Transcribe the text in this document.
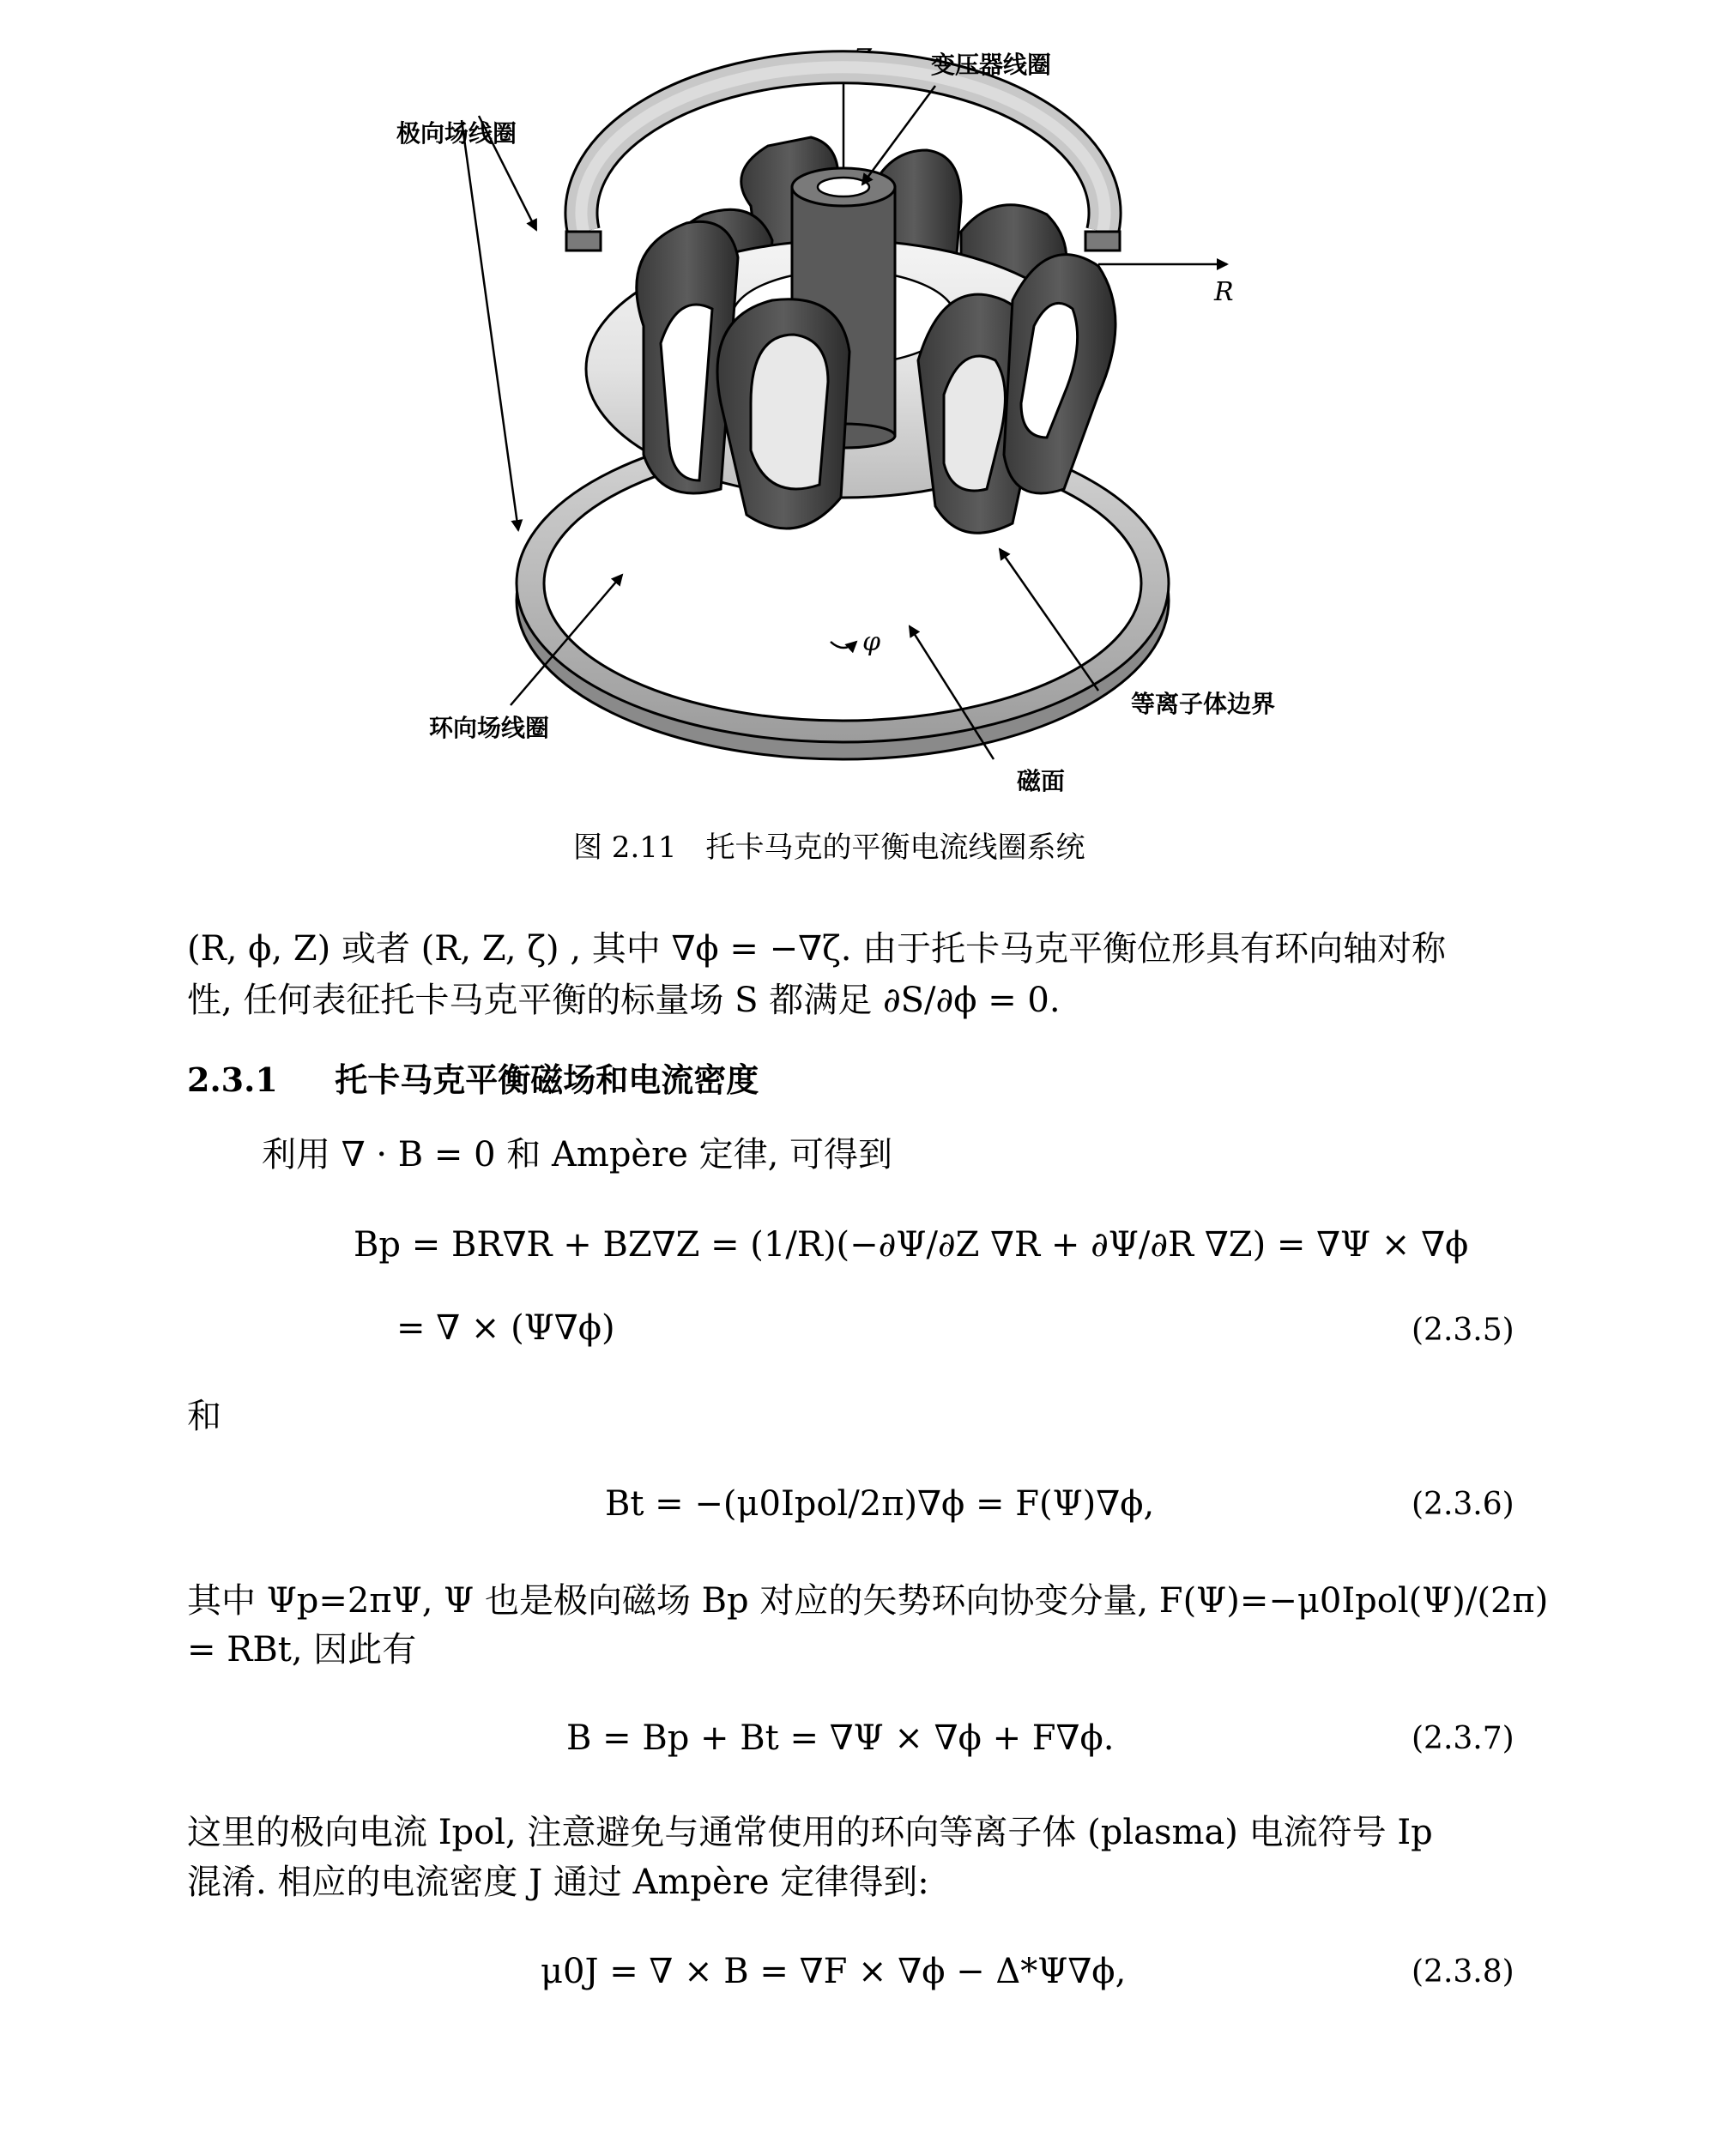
Z
R
φ
变压器线圈
极向场线圈
环向场线圈
等离子体边界
磁面
图 2.11　托卡马克的平衡电流线圈系统
(R, ϕ, Z) 或者 (R, Z, ζ) , 其中 ∇ϕ = −∇ζ. 由于托卡马克平衡位形具有环向轴对称
性, 任何表征托卡马克平衡的标量场 S 都满足 ∂S/∂ϕ = 0.
2.3.1 托卡马克平衡磁场和电流密度
利用 ∇ · B = 0 和 Ampère 定律, 可得到
Bp = BR∇R + BZ∇Z = (1/R)(−∂Ψ/∂Z ∇R + ∂Ψ/∂R ∇Z) = ∇Ψ × ∇ϕ
= ∇ × (Ψ∇ϕ)	(2.3.5)
和
Bt = −(μ0Ipol/2π)∇ϕ = F(Ψ)∇ϕ,	(2.3.6)
其中 Ψp=2πΨ, Ψ 也是极向磁场 Bp 对应的矢势环向协变分量, F(Ψ)=−μ0Ipol(Ψ)/(2π)
= RBt, 因此有
B = Bp + Bt = ∇Ψ × ∇ϕ + F∇ϕ.	(2.3.7)
这里的极向电流 Ipol, 注意避免与通常使用的环向等离子体 (plasma) 电流符号 Ip
混淆. 相应的电流密度 J 通过 Ampère 定律得到:
μ0J = ∇ × B = ∇F × ∇ϕ − Δ*Ψ∇ϕ,	(2.3.8)
